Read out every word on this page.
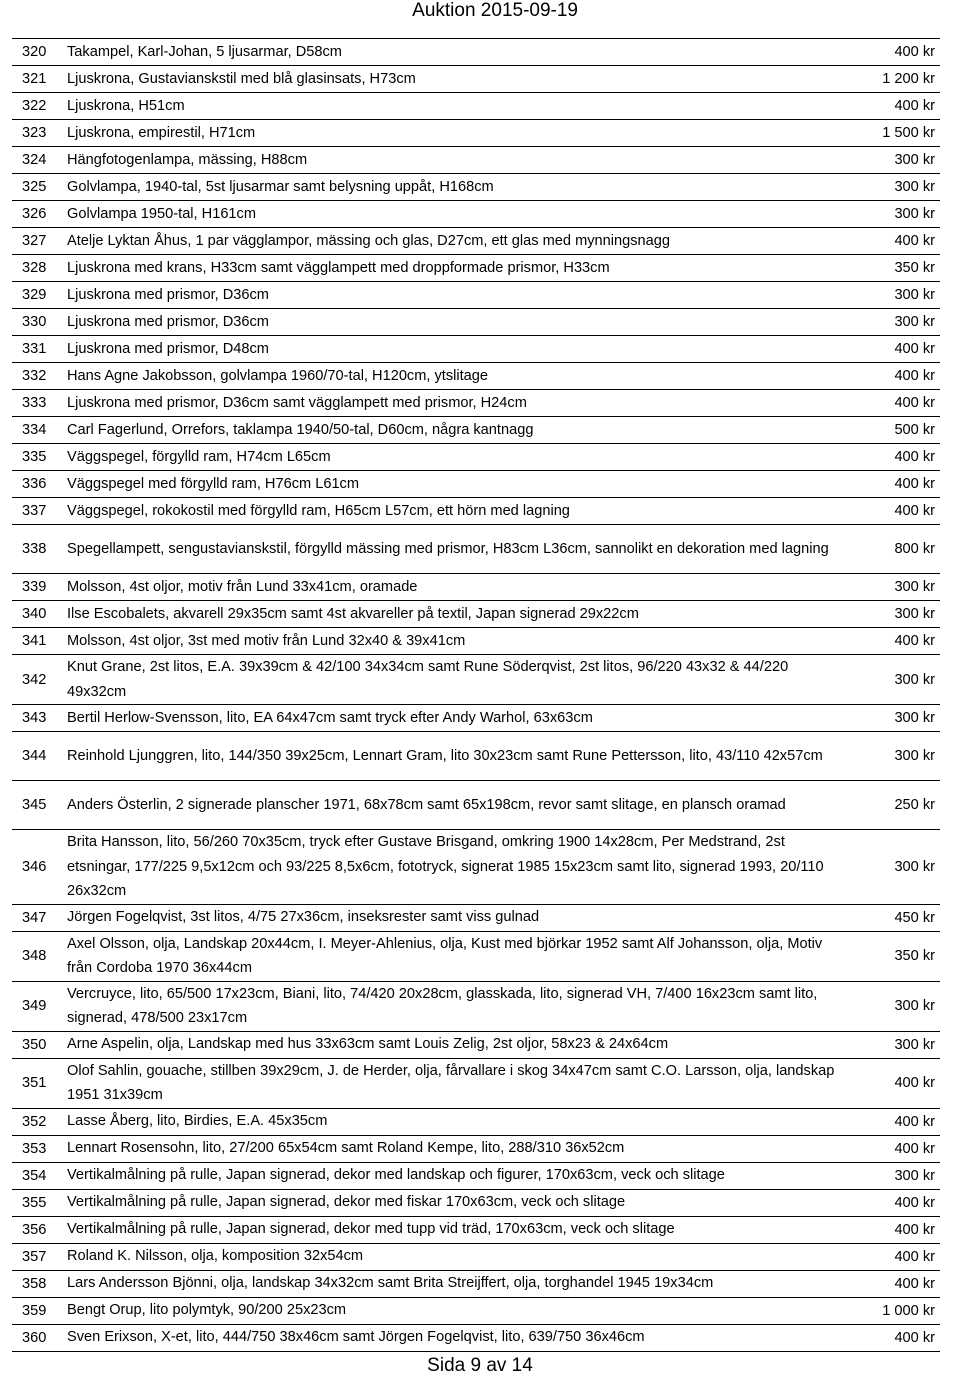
Auktion 2015-09-19
320	Takampel, Karl-Johan, 5 ljusarmar, D58cm	400 kr
321	Ljuskrona, Gustavianskstil med blå glasinsats, H73cm	1 200 kr
322	Ljuskrona, H51cm	400 kr
323	Ljuskrona, empirestil, H71cm	1 500 kr
324	Hängfotogenlampa, mässing, H88cm	300 kr
325	Golvlampa, 1940-tal, 5st ljusarmar samt belysning uppåt, H168cm	300 kr
326	Golvlampa 1950-tal, H161cm	300 kr
327	Atelje Lyktan Åhus, 1 par vägglampor, mässing och glas, D27cm, ett glas med mynningsnagg	400 kr
328	Ljuskrona med krans, H33cm samt vägglampett med droppformade prismor, H33cm	350 kr
329	Ljuskrona med prismor, D36cm	300 kr
330	Ljuskrona med prismor, D36cm	300 kr
331	Ljuskrona med prismor, D48cm	400 kr
332	Hans Agne Jakobsson, golvlampa 1960/70-tal, H120cm, ytslitage	400 kr
333	Ljuskrona med prismor, D36cm samt vägglampett med prismor, H24cm	400 kr
334	Carl Fagerlund, Orrefors, taklampa 1940/50-tal, D60cm, några kantnagg	500 kr
335	Väggspegel, förgylld ram, H74cm L65cm	400 kr
336	Väggspegel med förgylld ram, H76cm L61cm	400 kr
337	Väggspegel, rokokostil med förgylld ram, H65cm L57cm, ett hörn med lagning	400 kr
338	Spegellampett, sengustavianskstil, förgylld mässing med prismor, H83cm L36cm, sannolikt en dekoration med lagning	800 kr
339	Molsson, 4st oljor, motiv från Lund 33x41cm, oramade	300 kr
340	Ilse Escobalets, akvarell 29x35cm samt 4st akvareller på textil, Japan signerad 29x22cm	300 kr
341	Molsson, 4st oljor, 3st med motiv från Lund 32x40 & 39x41cm	400 kr
342	Knut Grane, 2st litos, E.A. 39x39cm & 42/100 34x34cm samt Rune Söderqvist, 2st litos, 96/220 43x32 & 44/220 49x32cm	300 kr
343	Bertil Herlow-Svensson, lito, EA 64x47cm samt tryck efter Andy Warhol, 63x63cm	300 kr
344	Reinhold Ljunggren, lito, 144/350 39x25cm, Lennart Gram, lito 30x23cm samt Rune Pettersson, lito, 43/110 42x57cm	300 kr
345	Anders Österlin, 2 signerade planscher 1971, 68x78cm samt 65x198cm, revor samt slitage, en plansch oramad	250 kr
346	Brita Hansson, lito, 56/260 70x35cm, tryck efter Gustave Brisgand, omkring 1900 14x28cm, Per Medstrand, 2st etsningar, 177/225 9,5x12cm och 93/225 8,5x6cm, fototryck, signerat 1985 15x23cm samt lito, signerad 1993, 20/110 26x32cm	300 kr
347	Jörgen Fogelqvist, 3st litos, 4/75 27x36cm, inseksrester samt viss gulnad	450 kr
348	Axel Olsson, olja, Landskap 20x44cm, I. Meyer-Ahlenius, olja, Kust med björkar 1952 samt Alf Johansson, olja, Motiv från Cordoba 1970 36x44cm	350 kr
349	Vercruyce, lito, 65/500 17x23cm, Biani, lito, 74/420 20x28cm, glasskada, lito, signerad VH, 7/400 16x23cm samt lito, signerad, 478/500 23x17cm	300 kr
350	Arne Aspelin, olja, Landskap med hus 33x63cm samt Louis Zelig, 2st oljor, 58x23 & 24x64cm	300 kr
351	Olof Sahlin, gouache, stillben 39x29cm, J. de Herder, olja, fårvallare i skog 34x47cm samt C.O. Larsson, olja, landskap 1951 31x39cm	400 kr
352	Lasse Åberg, lito, Birdies, E.A. 45x35cm	400 kr
353	Lennart Rosensohn, lito, 27/200 65x54cm samt Roland Kempe, lito, 288/310 36x52cm	400 kr
354	Vertikalmålning på rulle, Japan signerad, dekor med landskap och figurer, 170x63cm, veck och slitage	300 kr
355	Vertikalmålning på rulle, Japan signerad, dekor med fiskar 170x63cm, veck och slitage	400 kr
356	Vertikalmålning på rulle, Japan signerad, dekor med tupp vid träd, 170x63cm, veck och slitage	400 kr
357	Roland K. Nilsson, olja, komposition 32x54cm	400 kr
358	Lars Andersson Bjönni, olja, landskap 34x32cm samt Brita Streijffert, olja, torghandel 1945 19x34cm	400 kr
359	Bengt Orup, lito polymtyk, 90/200 25x23cm	1 000 kr
360	Sven Erixson, X-et, lito, 444/750 38x46cm samt Jörgen Fogelqvist, lito, 639/750 36x46cm	400 kr
Sida 9 av 14
